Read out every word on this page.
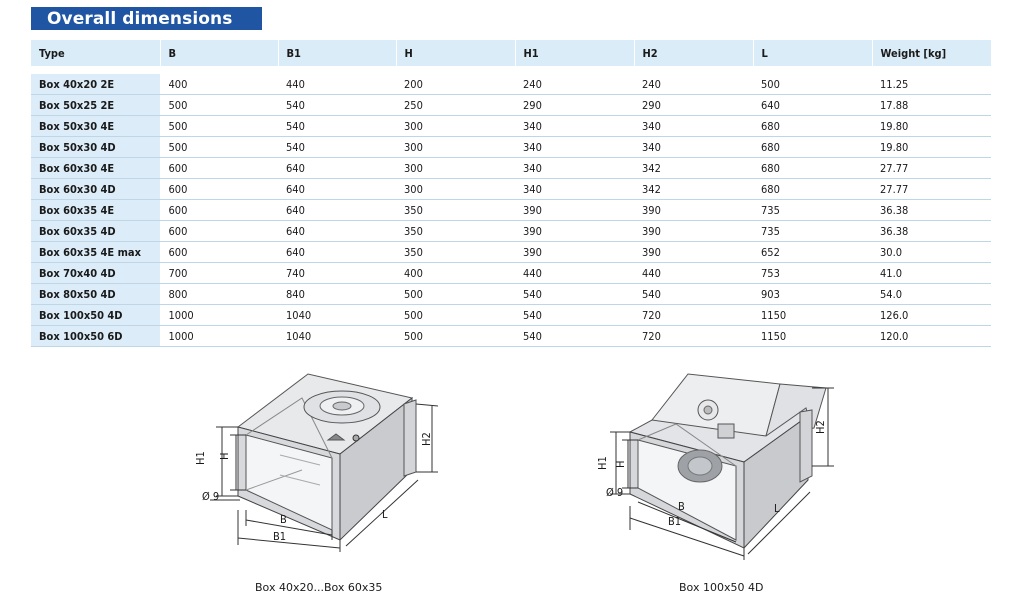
Overall dimensions
Type	B	B1	H	H1	H2	L	Weight [kg]

Box 40x20 2E	400	440	200	240	240	500	11.25
Box 50x25 2E	500	540	250	290	290	640	17.88
Box 50x30 4E	500	540	300	340	340	680	19.80
Box 50x30 4D	500	540	300	340	340	680	19.80
Box 60x30 4E	600	640	300	340	342	680	27.77
Box 60x30 4D	600	640	300	340	342	680	27.77
Box 60x35 4E	600	640	350	390	390	735	36.38
Box 60x35 4D	600	640	350	390	390	735	36.38
Box 60x35 4E max	600	640	350	390	390	652	30.0
Box 70x40 4D	700	740	400	440	440	753	41.0
Box 80x50 4D	800	840	500	540	540	903	54.0
Box 100x50 4D	1000	1040	500	540	720	1150	126.0
Box 100x50 6D	1000	1040	500	540	720	1150	120.0
H1 H
H2
Ø 9
B
B1
L
H1 H
H2
Ø 9
B
B1
L
Box 40x20...Box 60x35	Box 100x50 4D
